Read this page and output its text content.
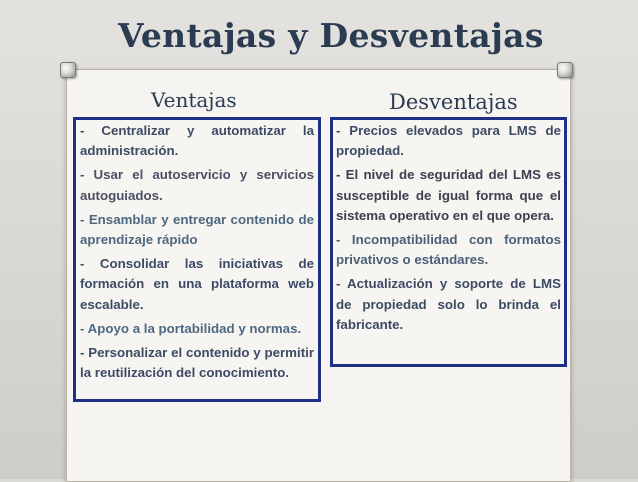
Ventajas y Desventajas
Ventajas	Desventajas
- Centralizar y automatizar la administración.
- Usar el autoservicio y servicios autoguiados.
- Ensamblar y entregar contenido de aprendizaje rápido
- Consolidar las iniciativas de formación en una plataforma web escalable.
- Apoyo a la portabilidad y normas.
- Personalizar el contenido y permitir la reutilización del conocimiento.
- Precios elevados para LMS de propiedad.
- El nivel de seguridad del LMS es susceptible de igual forma que el sistema operativo en el que opera.
- Incompatibilidad con formatos privativos o estándares.
- Actualización y soporte de LMS de propiedad solo lo brinda el fabricante.
